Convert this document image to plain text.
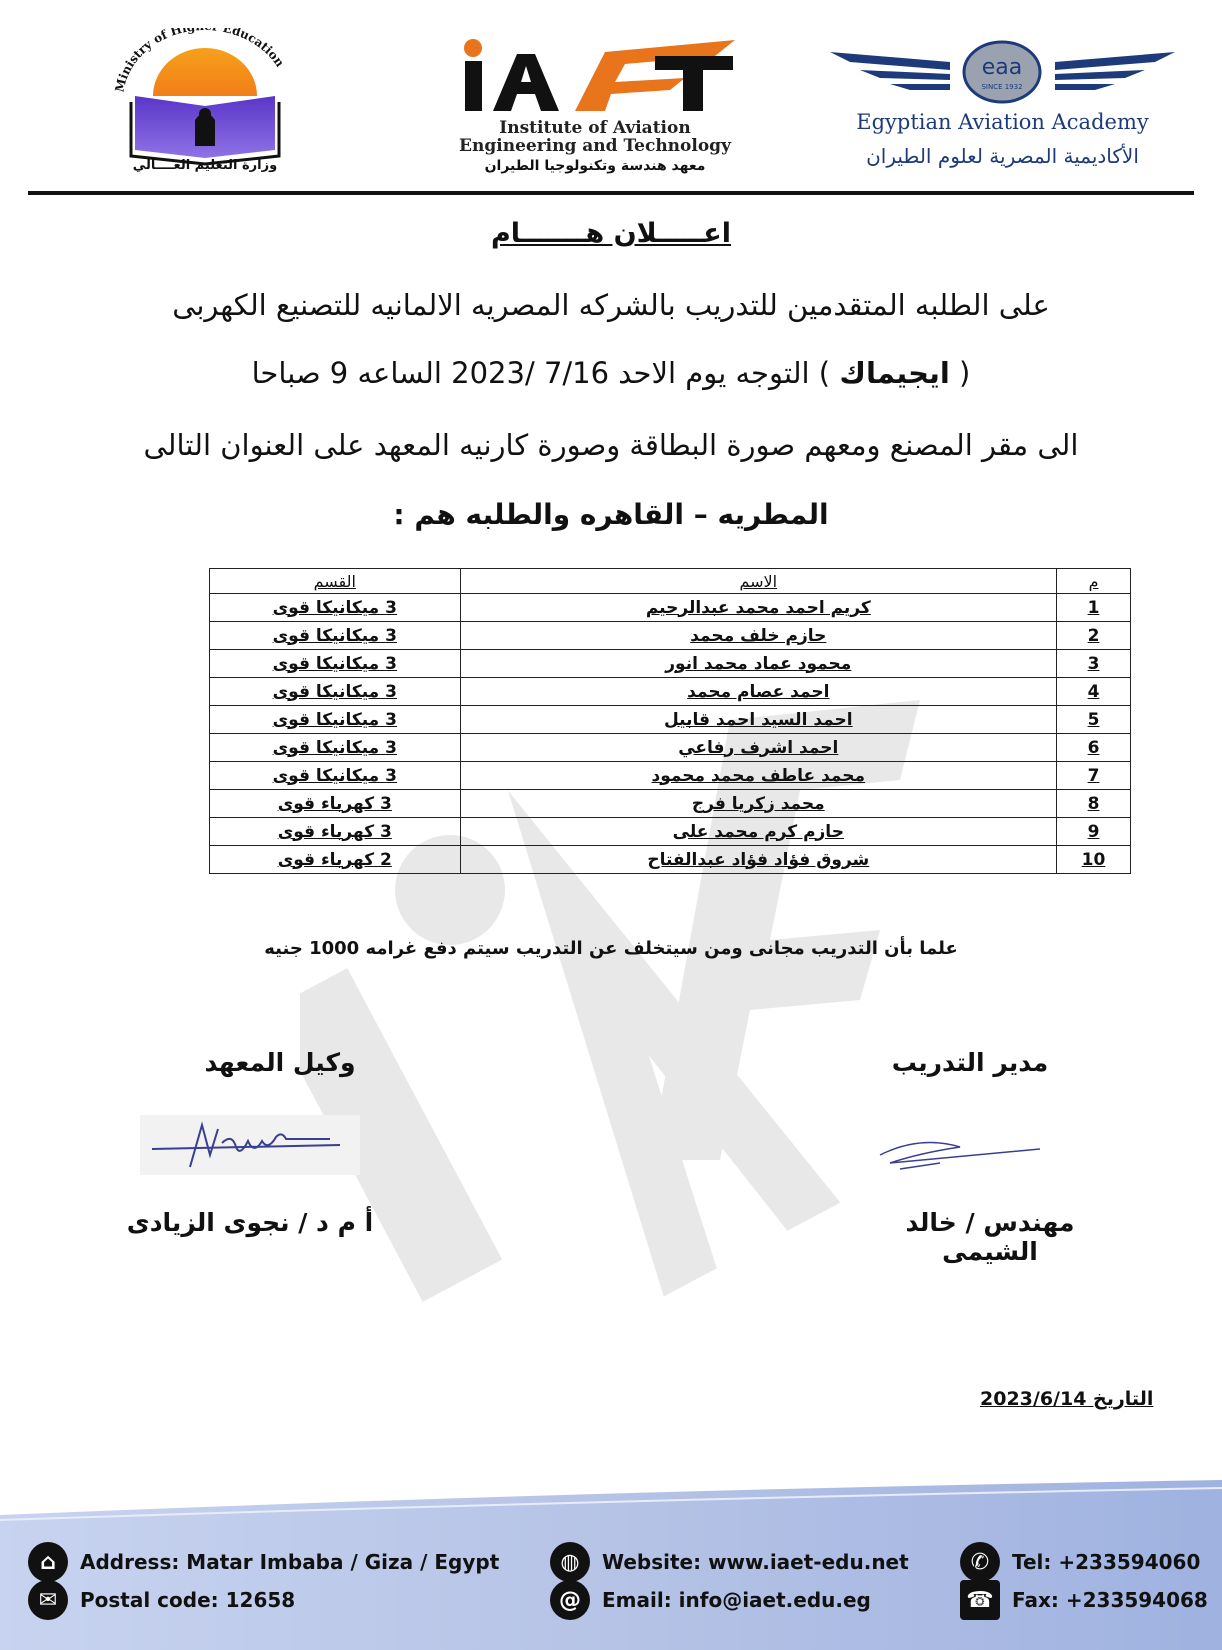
Ministry of Hi Education
وزارة التعليم العــــالي
Institute of Aviation
Engineering and Technology
معهد هندسة وتكنولوجيا الطيران
eaa
SINCE 1932
Egyptian Aviation Academy
الأكاديمية المصرية لعلوم الطيران
اعـــــلان هـــــــام
على الطلبه المتقدمين للتدريب بالشركه المصريه الالمانيه للتصنيع الكهربى
( ايجيماك ) التوجه يوم الاحد 7/16 /2023 الساعه 9 صباحا
الى مقر المصنع ومعهم صورة البطاقة وصورة كارنيه المعهد على العنوان التالى
المطريه – القاهره والطلبه هم :
م	الاسم	القسم
1	كريم احمد محمد عبدالرحيم	3 ميكانيكا قوى
2	حازم خلف محمد	3 ميكانيكا قوى
3	محمود عماد محمد انور	3 ميكانيكا قوى
4	احمد عصام محمد	3 ميكانيكا قوى
5	احمد السيد احمد قابيل	3 ميكانيكا قوى
6	احمد اشرف رفاعي	3 ميكانيكا قوى
7	محمد عاطف محمد محمود	3 ميكانيكا قوى
8	محمد زكريا فرج	3 كهرباء قوى
9	حازم كرم محمد على	3 كهرباء قوى
10	شروق فؤاد فؤاد عبدالفتاح	2 كهرباء قوى
علما بأن التدريب مجانى ومن سيتخلف عن التدريب سيتم دفع غرامه 1000 جنيه
مدير التدريب
وكيل المعهد
مهندس / خالد الشيمى
أ م د / نجوى الزيادى
التاريخ 2023/6/14
⌂	Address: Matar Imbaba / Giza / Egypt
✉	Postal code: 12658
◍	Website: www.iaet-edu.net
@	Email: info@iaet.edu.eg
✆	Tel: +233594060
☎ Fax: +233594068
